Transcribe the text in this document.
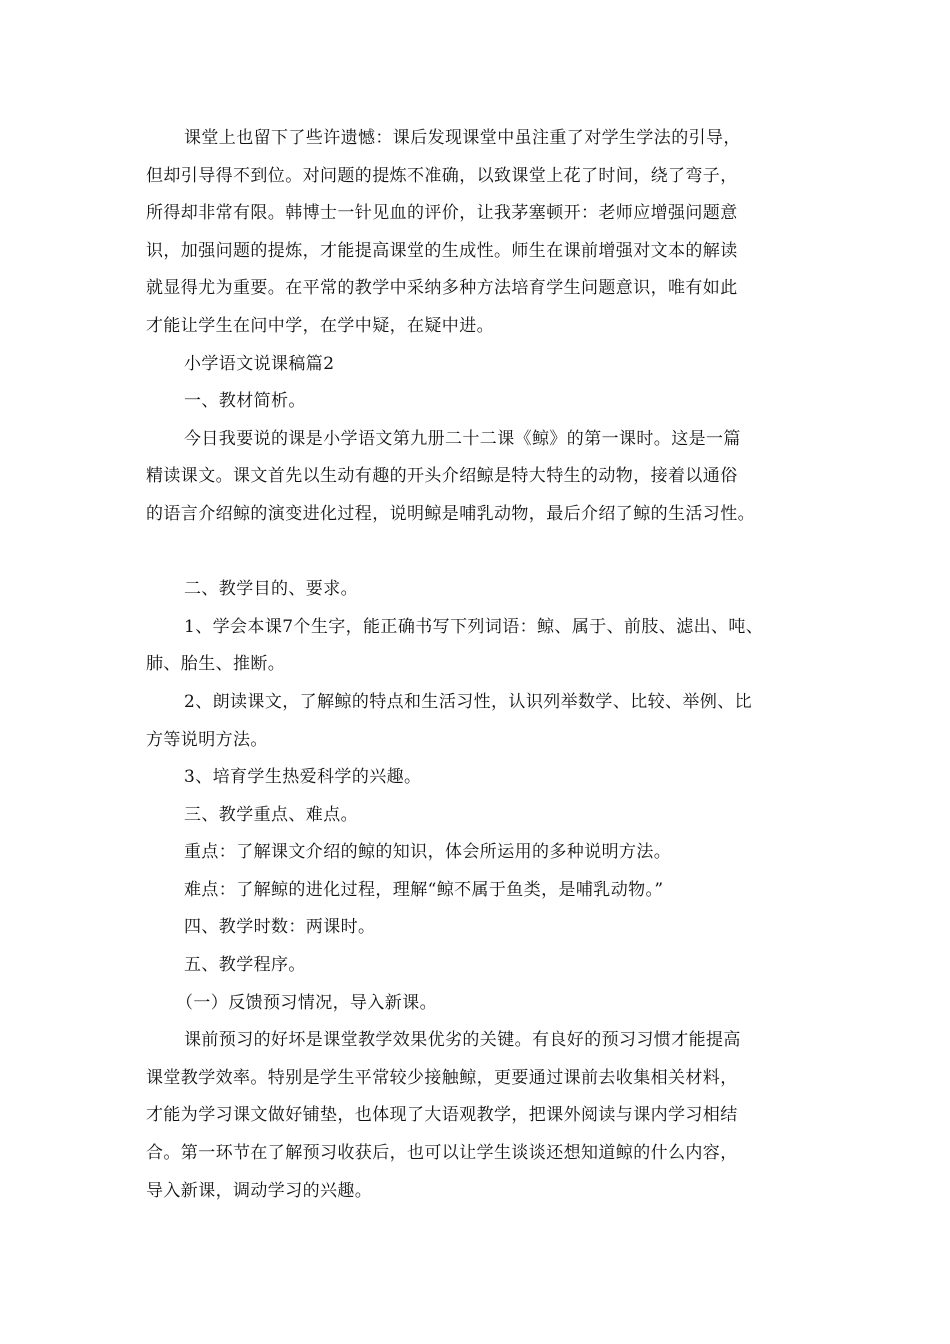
课堂上也留下了些许遗憾：课后发现课堂中虽注重了对学生学法的引导，
但却引导得不到位。对问题的提炼不准确，以致课堂上花了时间，绕了弯子，
所得却非常有限。韩博士一针见血的评价，让我茅塞顿开：老师应增强问题意
识，加强问题的提炼，才能提高课堂的生成性。师生在课前增强对文本的解读
就显得尤为重要。在平常的教学中采纳多种方法培育学生问题意识，唯有如此
才能让学生在问中学，在学中疑，在疑中进。
小学语文说课稿篇2
一、教材简析。
今日我要说的课是小学语文第九册二十二课《鲸》的第一课时。这是一篇
精读课文。课文首先以生动有趣的开头介绍鲸是特大特生的动物，接着以通俗
的语言介绍鲸的演变进化过程，说明鲸是哺乳动物，最后介绍了鲸的生活习性。
二、教学目的、要求。
1、学会本课7个生字，能正确书写下列词语：鲸、属于、前肢、滤出、吨、
肺、胎生、推断。
2、朗读课文，了解鲸的特点和生活习性，认识列举数学、比较、举例、比
方等说明方法。
3、培育学生热爱科学的兴趣。
三、教学重点、难点。
重点：了解课文介绍的鲸的知识，体会所运用的多种说明方法。
难点：了解鲸的进化过程，理解“鲸不属于鱼类，是哺乳动物。”
四、教学时数：两课时。
五、教学程序。
（一）反馈预习情况，导入新课。
课前预习的好坏是课堂教学效果优劣的关键。有良好的预习习惯才能提高
课堂教学效率。特别是学生平常较少接触鲸，更要通过课前去收集相关材料，
才能为学习课文做好铺垫，也体现了大语观教学，把课外阅读与课内学习相结
合。第一环节在了解预习收获后，也可以让学生谈谈还想知道鲸的什么内容，
导入新课，调动学习的兴趣。
